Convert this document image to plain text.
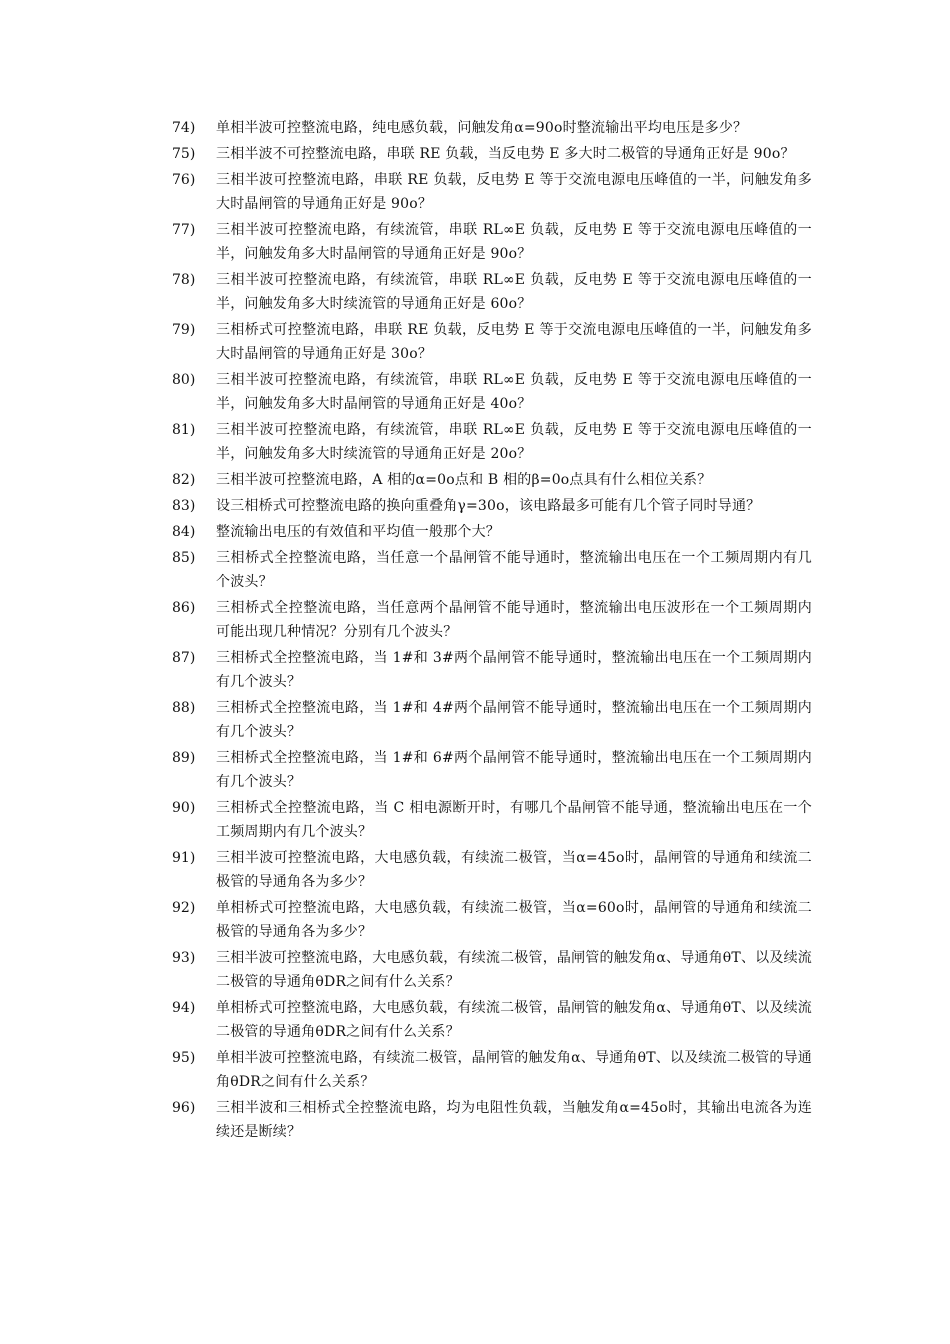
74)	单相半波可控整流电路，纯电感负载，问触发角α=90o时整流输出平均电压是多少？
75)	三相半波不可控整流电路，串联 RE 负载，当反电势 E 多大时二极管的导通角正好是 90o？
76)	三相半波可控整流电路，串联 RE 负载，反电势 E 等于交流电源电压峰值的一半，问触发角多大时晶闸管的导通角正好是 90o？
77)	三相半波可控整流电路，有续流管，串联 RL∞E 负载，反电势 E 等于交流电源电压峰值的一半，问触发角多大时晶闸管的导通角正好是 90o？
78)	三相半波可控整流电路，有续流管，串联 RL∞E 负载，反电势 E 等于交流电源电压峰值的一半，问触发角多大时续流管的导通角正好是 60o？
79)	三相桥式可控整流电路，串联 RE 负载，反电势 E 等于交流电源电压峰值的一半，问触发角多大时晶闸管的导通角正好是 30o？
80)	三相半波可控整流电路，有续流管，串联 RL∞E 负载，反电势 E 等于交流电源电压峰值的一半，问触发角多大时晶闸管的导通角正好是 40o？
81)	三相半波可控整流电路，有续流管，串联 RL∞E 负载，反电势 E 等于交流电源电压峰值的一半，问触发角多大时续流管的导通角正好是 20o？
82)	三相半波可控整流电路，A 相的α=0o点和 B 相的β=0o点具有什么相位关系？
83)	设三相桥式可控整流电路的换向重叠角γ=30o，该电路最多可能有几个管子同时导通？
84)	整流输出电压的有效值和平均值一般那个大？
85)	三相桥式全控整流电路，当任意一个晶闸管不能导通时，整流输出电压在一个工频周期内有几个波头？
86)	三相桥式全控整流电路，当任意两个晶闸管不能导通时，整流输出电压波形在一个工频周期内可能出现几种情况？分别有几个波头？
87)	三相桥式全控整流电路，当 1#和 3#两个晶闸管不能导通时，整流输出电压在一个工频周期内有几个波头？
88)	三相桥式全控整流电路，当 1#和 4#两个晶闸管不能导通时，整流输出电压在一个工频周期内有几个波头？
89)	三相桥式全控整流电路，当 1#和 6#两个晶闸管不能导通时，整流输出电压在一个工频周期内有几个波头？
90)	三相桥式全控整流电路，当 C 相电源断开时，有哪几个晶闸管不能导通，整流输出电压在一个工频周期内有几个波头？
91)	三相半波可控整流电路，大电感负载，有续流二极管，当α=45o时，晶闸管的导通角和续流二极管的导通角各为多少？
92)	单相桥式可控整流电路，大电感负载，有续流二极管，当α=60o时，晶闸管的导通角和续流二极管的导通角各为多少？
93)	三相半波可控整流电路，大电感负载，有续流二极管，晶闸管的触发角α、导通角θT、以及续流二极管的导通角θDR之间有什么关系？
94)	单相桥式可控整流电路，大电感负载，有续流二极管，晶闸管的触发角α、导通角θT、以及续流二极管的导通角θDR之间有什么关系？
95)	单相半波可控整流电路，有续流二极管，晶闸管的触发角α、导通角θT、以及续流二极管的导通角θDR之间有什么关系？
96)	三相半波和三相桥式全控整流电路，均为电阻性负载，当触发角α=45o时，其输出电流各为连续还是断续？
